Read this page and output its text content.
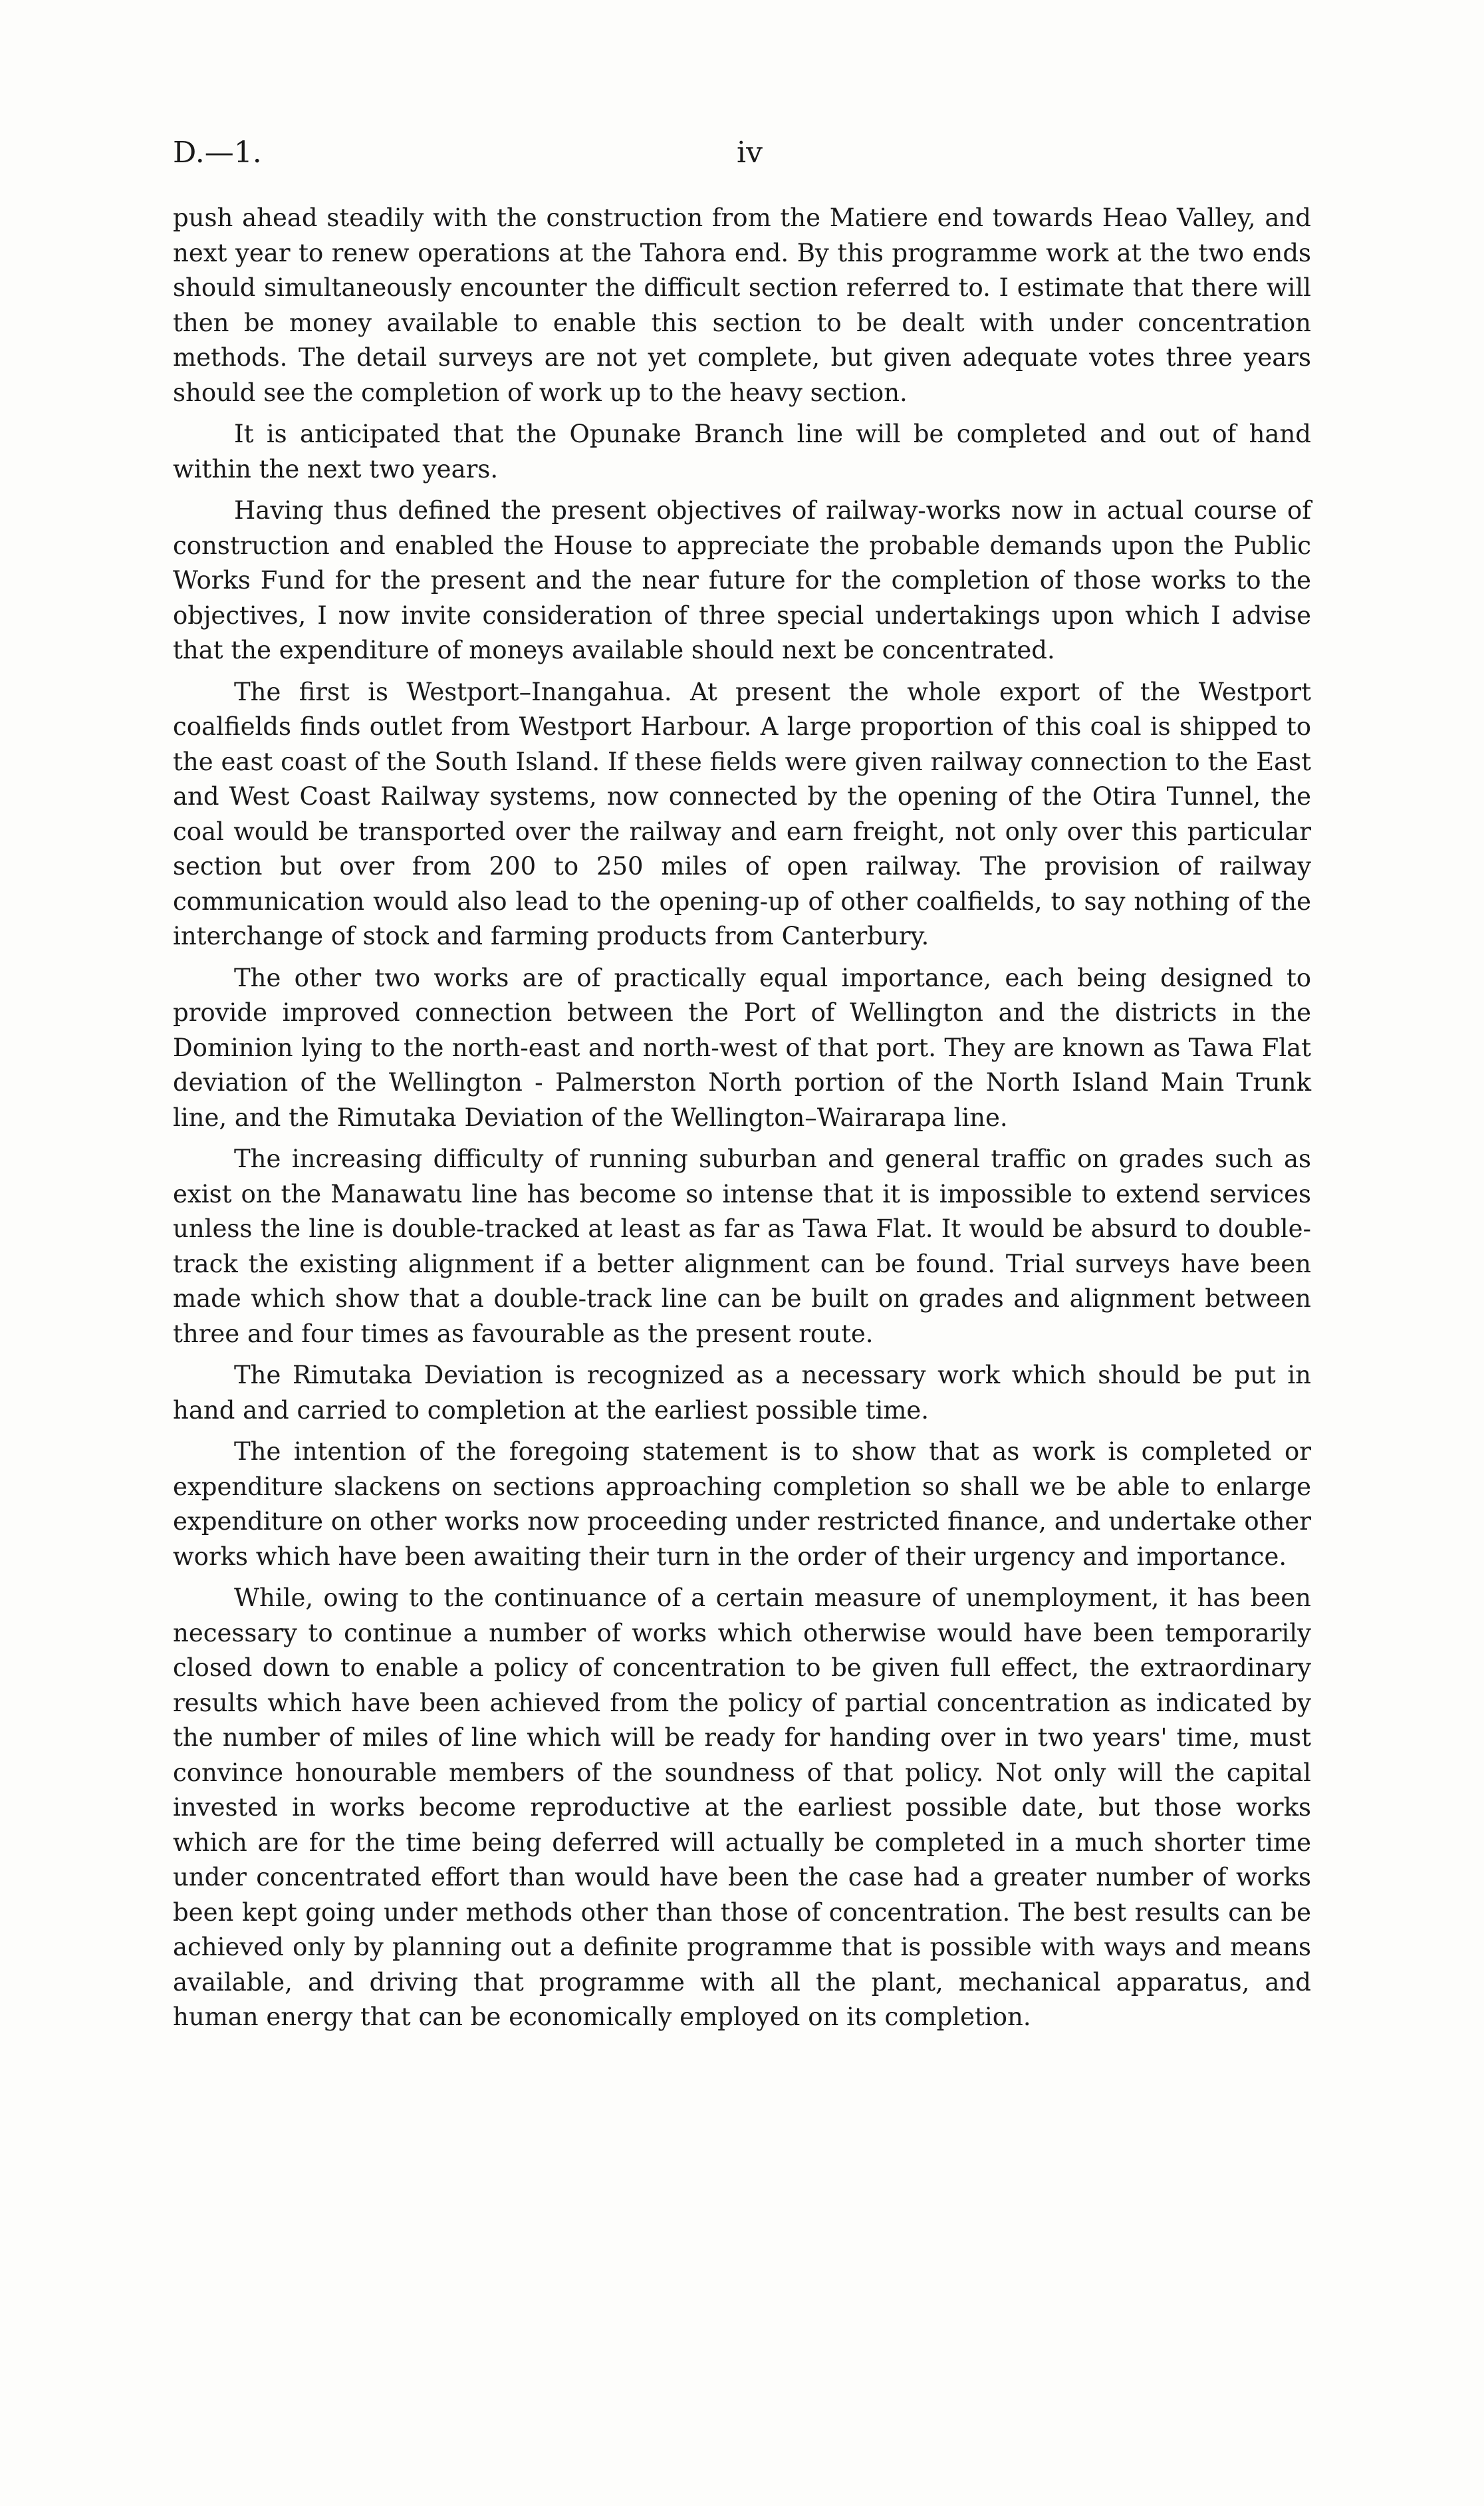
D.—1.	iv

push ahead steadily with the construction from the Matiere end towards Heao Valley, and next year to renew operations at the Tahora end. By this programme work at the two ends should simultaneously encounter the difficult section referred to. I estimate that there will then be money available to enable this section to be dealt with under concentration methods. The detail surveys are not yet complete, but given adequate votes three years should see the completion of work up to the heavy section.

It is anticipated that the Opunake Branch line will be completed and out of hand within the next two years.

Having thus defined the present objectives of railway-works now in actual course of construction and enabled the House to appreciate the probable demands upon the Public Works Fund for the present and the near future for the completion of those works to the objectives, I now invite consideration of three special undertakings upon which I advise that the expenditure of moneys available should next be concentrated.

The first is Westport–Inangahua. At present the whole export of the Westport coalfields finds outlet from Westport Harbour. A large proportion of this coal is shipped to the east coast of the South Island. If these fields were given railway connection to the East and West Coast Railway systems, now connected by the opening of the Otira Tunnel, the coal would be transported over the railway and earn freight, not only over this particular section but over from 200 to 250 miles of open railway. The provision of railway communication would also lead to the opening-up of other coalfields, to say nothing of the interchange of stock and farming products from Canterbury.

The other two works are of practically equal importance, each being designed to provide improved connection between the Port of Wellington and the districts in the Dominion lying to the north-east and north-west of that port. They are known as Tawa Flat deviation of the Wellington - Palmerston North portion of the North Island Main Trunk line, and the Rimutaka Deviation of the Wellington–Wairarapa line.

The increasing difficulty of running suburban and general traffic on grades such as exist on the Manawatu line has become so intense that it is impossible to extend services unless the line is double-tracked at least as far as Tawa Flat. It would be absurd to double-track the existing alignment if a better alignment can be found. Trial surveys have been made which show that a double-track line can be built on grades and alignment between three and four times as favourable as the present route.

The Rimutaka Deviation is recognized as a necessary work which should be put in hand and carried to completion at the earliest possible time.

The intention of the foregoing statement is to show that as work is completed or expenditure slackens on sections approaching completion so shall we be able to enlarge expenditure on other works now proceeding under restricted finance, and undertake other works which have been awaiting their turn in the order of their urgency and importance.

While, owing to the continuance of a certain measure of unemployment, it has been necessary to continue a number of works which otherwise would have been temporarily closed down to enable a policy of concentration to be given full effect, the extraordinary results which have been achieved from the policy of partial concentration as indicated by the number of miles of line which will be ready for handing over in two years' time, must convince honourable members of the soundness of that policy. Not only will the capital invested in works become reproductive at the earliest possible date, but those works which are for the time being deferred will actually be completed in a much shorter time under concentrated effort than would have been the case had a greater number of works been kept going under methods other than those of concentration. The best results can be achieved only by planning out a definite programme that is possible with ways and means available, and driving that programme with all the plant, mechanical apparatus, and human energy that can be economically employed on its completion.
